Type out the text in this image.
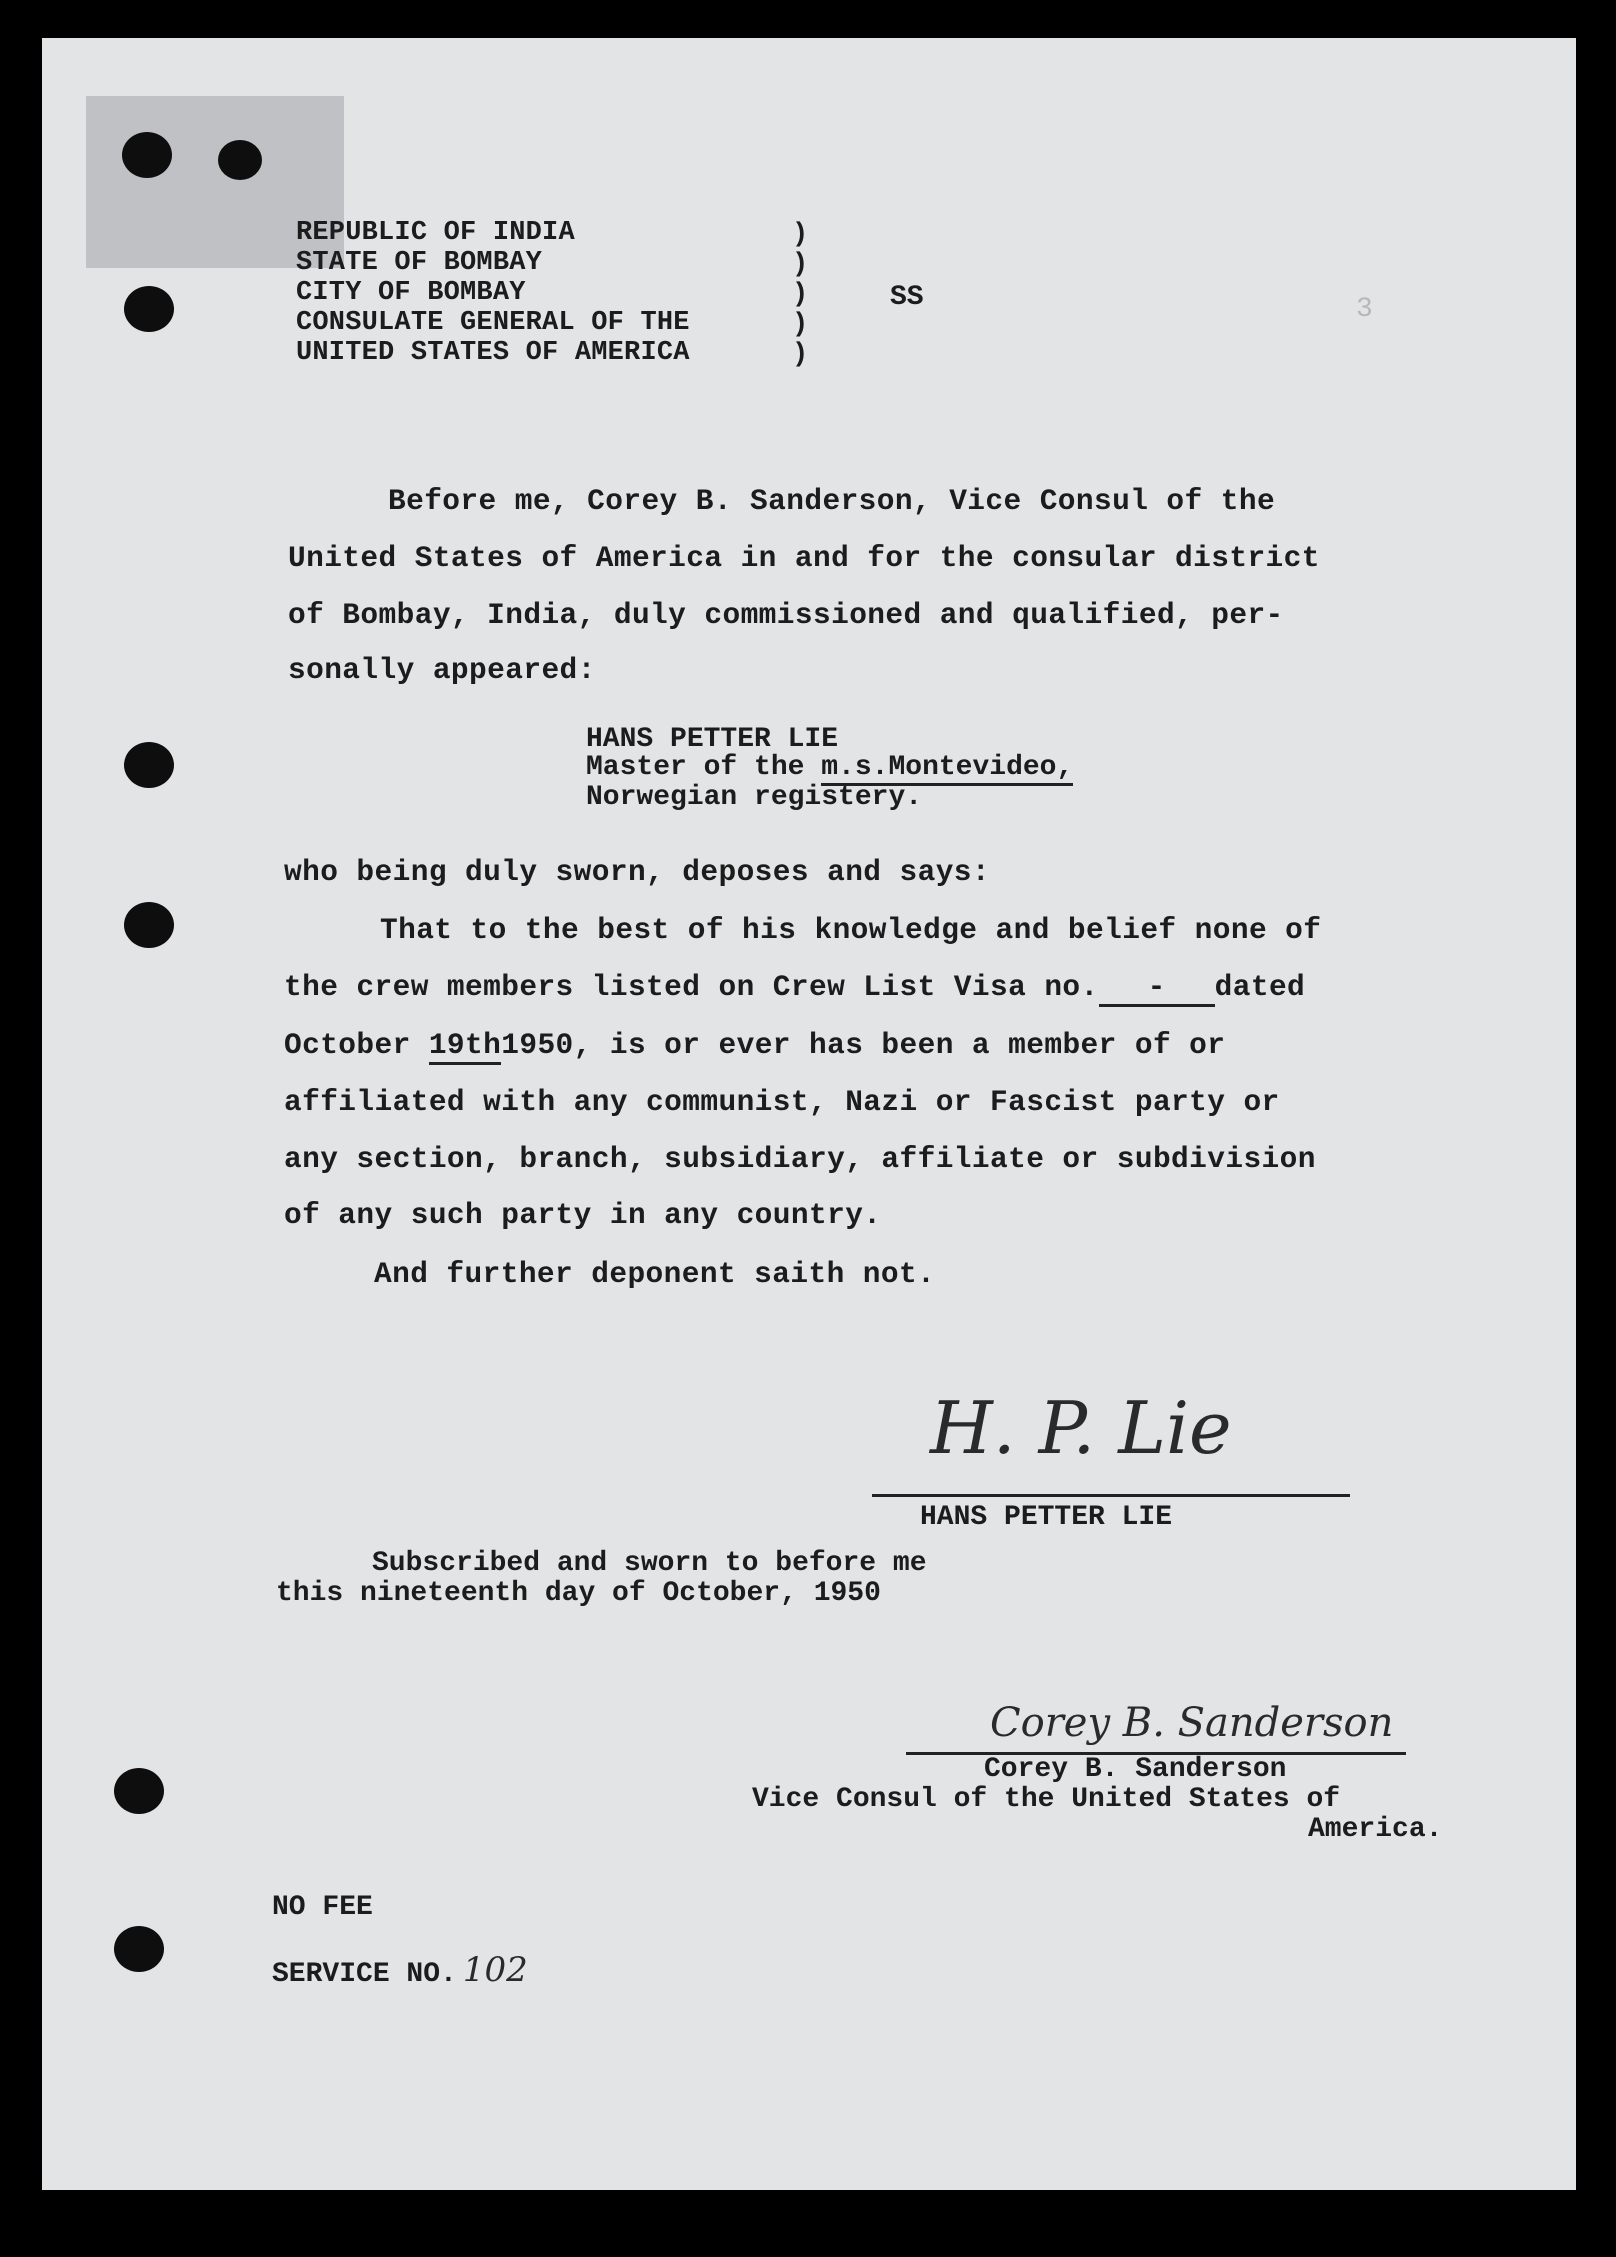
REPUBLIC OF INDIA
STATE OF BOMBAY
CITY OF BOMBAY
CONSULATE GENERAL OF THE
UNITED STATES OF AMERICA
)
)
)
)
)
SS	3
Before me, Corey B. Sanderson, Vice Consul of the
United States of America in and for the consular district
of Bombay, India, duly commissioned and qualified, per-
sonally appeared:
HANS PETTER LIE
Master of the m.s.Montevideo,
Norwegian registery.
who being duly sworn, deposes and says:
That to the best of his knowledge and belief none of
the crew members listed on Crew List Visa no. - dated
October 19th1950, is or ever has been a member of or
affiliated with any communist, Nazi or Fascist party or
any section, branch, subsidiary, affiliate or subdivision
of any such party in any country.
And further deponent saith not.
H. P. Lie
HANS PETTER LIE
Subscribed and sworn to before me
this nineteenth day of October, 1950
Corey B. Sanderson
Corey B. Sanderson
Vice Consul of the United States of
America.
NO FEE
SERVICE NO. 102
